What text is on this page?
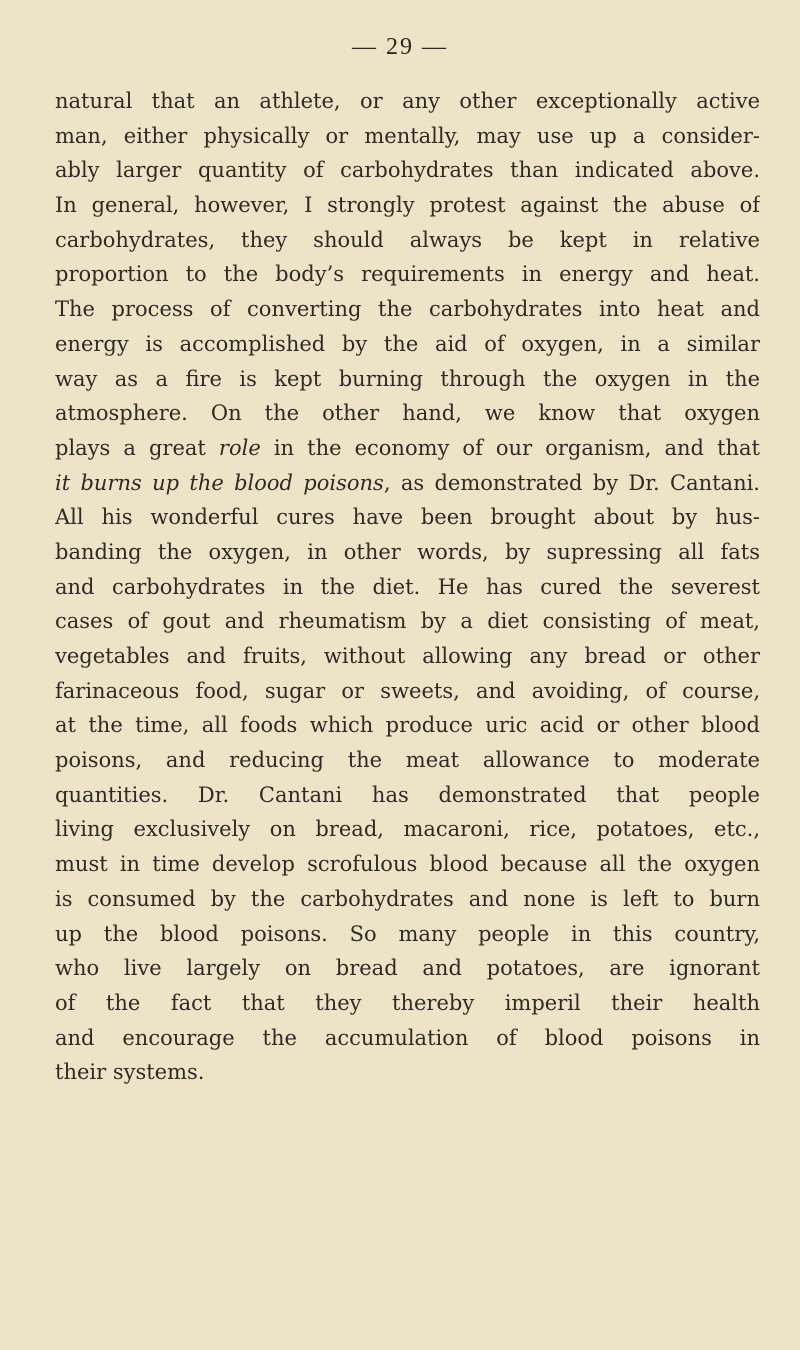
— 29 —
natural that an athlete, or any other exceptionally active
man, either physically or mentally, may use up a consider-
ably larger quantity of carbohydrates than indicated above.
In general, however, I strongly protest against the abuse of
carbohydrates, they should always be kept in relative
proportion to the body’s requirements in energy and heat.
The process of converting the carbohydrates into heat and
energy is accomplished by the aid of oxygen, in a similar
way as a fire is kept burning through the oxygen in the
atmosphere. On the other hand, we know that oxygen
plays a great role in the economy of our organism, and that
it burns up the blood poisons, as demonstrated by Dr. Cantani.
All his wonderful cures have been brought about by hus-
banding the oxygen, in other words, by supressing all fats
and carbohydrates in the diet. He has cured the severest
cases of gout and rheumatism by a diet consisting of meat,
vegetables and fruits, without allowing any bread or other
farinaceous food, sugar or sweets, and avoiding, of course,
at the time, all foods which produce uric acid or other blood
poisons, and reducing the meat allowance to moderate
quantities. Dr. Cantani has demonstrated that people
living exclusively on bread, macaroni, rice, potatoes, etc.,
must in time develop scrofulous blood because all the oxygen
is consumed by the carbohydrates and none is left to burn
up the blood poisons. So many people in this country,
who live largely on bread and potatoes, are ignorant
of the fact that they thereby imperil their health
and encourage the accumulation of blood poisons in
their systems.
